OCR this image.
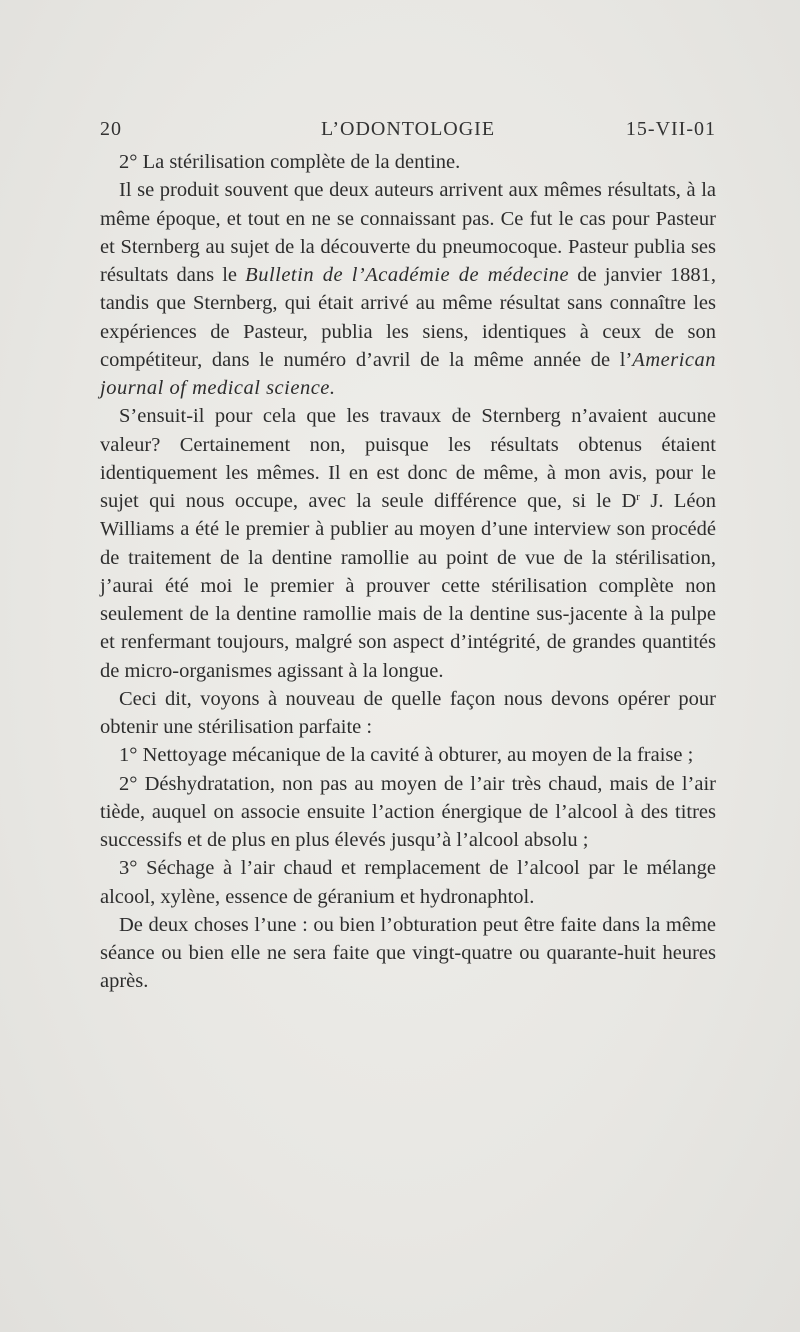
20	L’ODONTOLOGIE	15-VII-01

2° La stérilisation complète de la dentine.

Il se produit souvent que deux auteurs arrivent aux mêmes résultats, à la même époque, et tout en ne se connaissant pas. Ce fut le cas pour Pasteur et Sternberg au sujet de la découverte du pneumocoque. Pasteur publia ses résultats dans le Bulletin de l’Académie de médecine de janvier 1881, tandis que Sternberg, qui était arrivé au même résultat sans connaître les expériences de Pasteur, publia les siens, identiques à ceux de son compétiteur, dans le numéro d’avril de la même année de l’American journal of medical science.

S’ensuit-il pour cela que les travaux de Sternberg n’avaient aucune valeur? Certainement non, puisque les résultats obtenus étaient identiquement les mêmes. Il en est donc de même, à mon avis, pour le sujet qui nous occupe, avec la seule différence que, si le $D^r$ J. Léon Williams a été le premier à publier au moyen d’une interview son procédé de traitement de la dentine ramollie au point de vue de la stérilisation, j’aurai été moi le premier à prouver cette stérilisation complète non seulement de la dentine ramollie mais de la dentine sus-jacente à la pulpe et renfermant toujours, malgré son aspect d’intégrité, de grandes quantités de micro-organismes agissant à la longue.

Ceci dit, voyons à nouveau de quelle façon nous devons opérer pour obtenir une stérilisation parfaite :

1° Nettoyage mécanique de la cavité à obturer, au moyen de la fraise ;

2° Déshydratation, non pas au moyen de l’air très chaud, mais de l’air tiède, auquel on associe ensuite l’action énergique de l’alcool à des titres successifs et de plus en plus élevés jusqu’à l’alcool absolu ;

3° Séchage à l’air chaud et remplacement de l’alcool par le mélange alcool, xylène, essence de géranium et hydronaphtol.

De deux choses l’une : ou bien l’obturation peut être faite dans la même séance ou bien elle ne sera faite que vingt-quatre ou quarante-huit heures après.
